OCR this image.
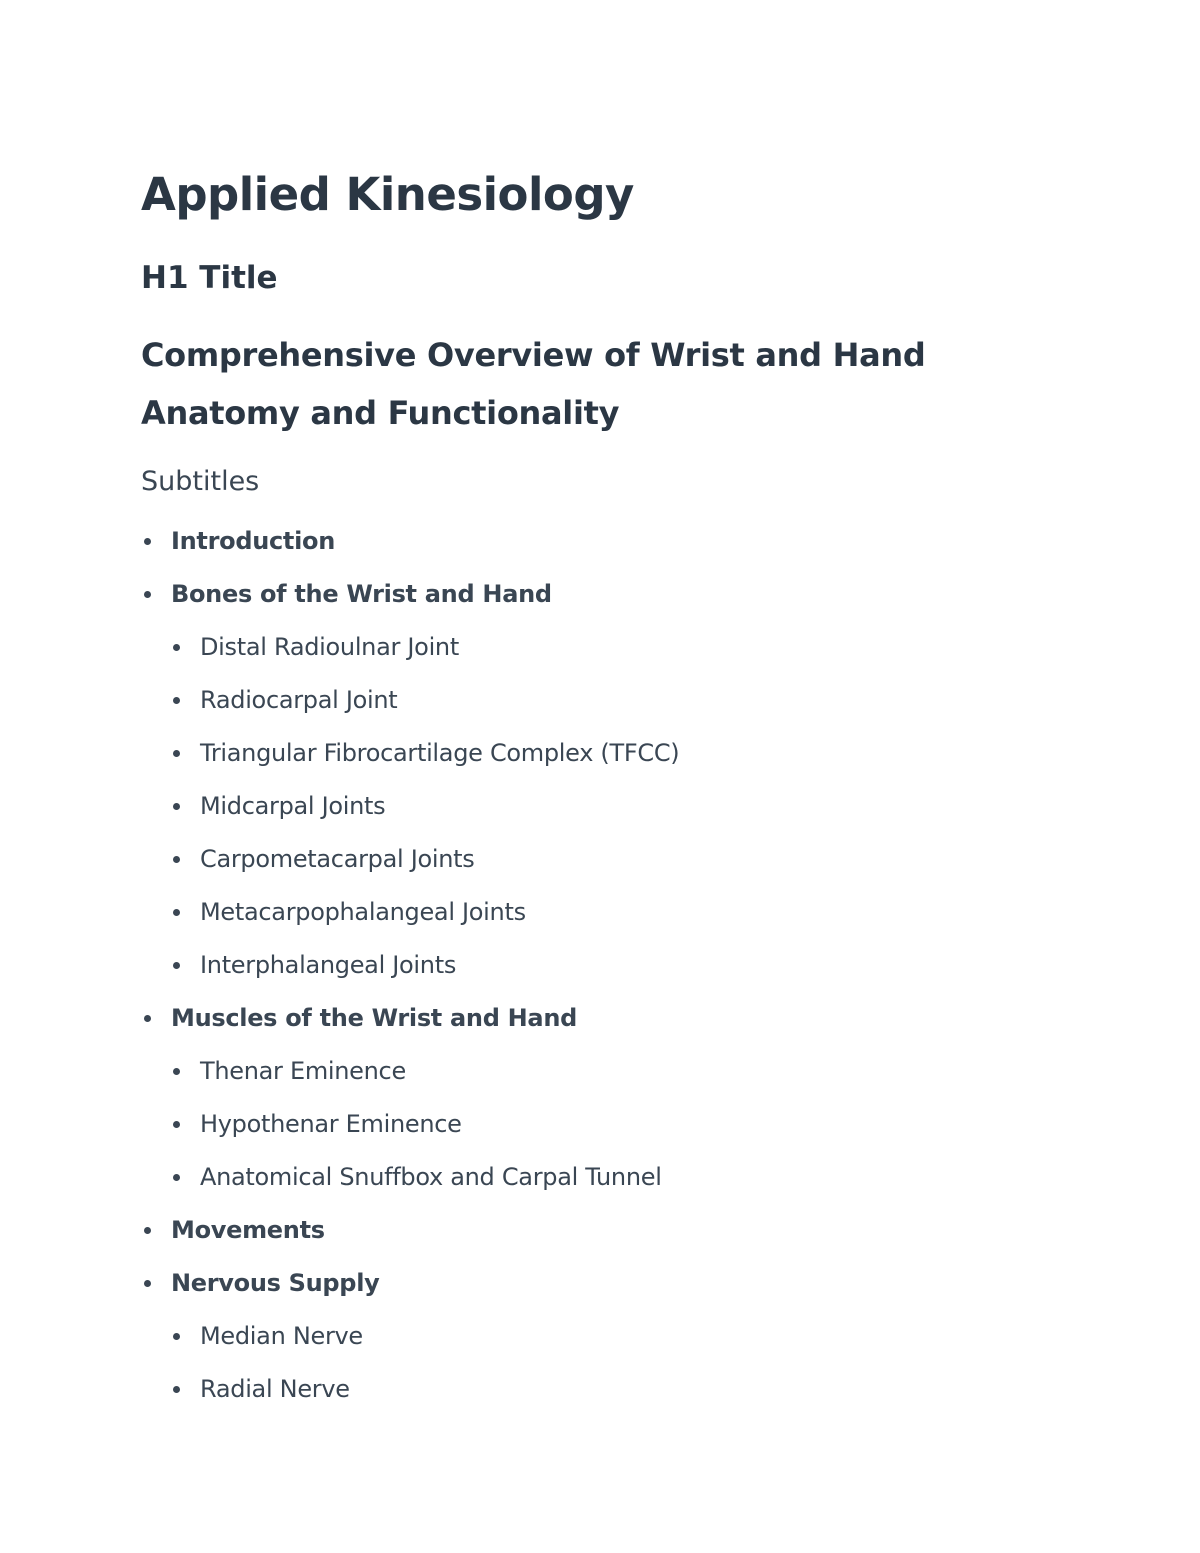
Applied Kinesiology
H1 Title
Comprehensive Overview of Wrist and Hand Anatomy and Functionality
Subtitles
Introduction
Bones of the Wrist and Hand
Distal Radioulnar Joint
Radiocarpal Joint
Triangular Fibrocartilage Complex (TFCC)
Midcarpal Joints
Carpometacarpal Joints
Metacarpophalangeal Joints
Interphalangeal Joints
Muscles of the Wrist and Hand
Thenar Eminence
Hypothenar Eminence
Anatomical Snuffbox and Carpal Tunnel
Movements
Nervous Supply
Median Nerve
Radial Nerve
